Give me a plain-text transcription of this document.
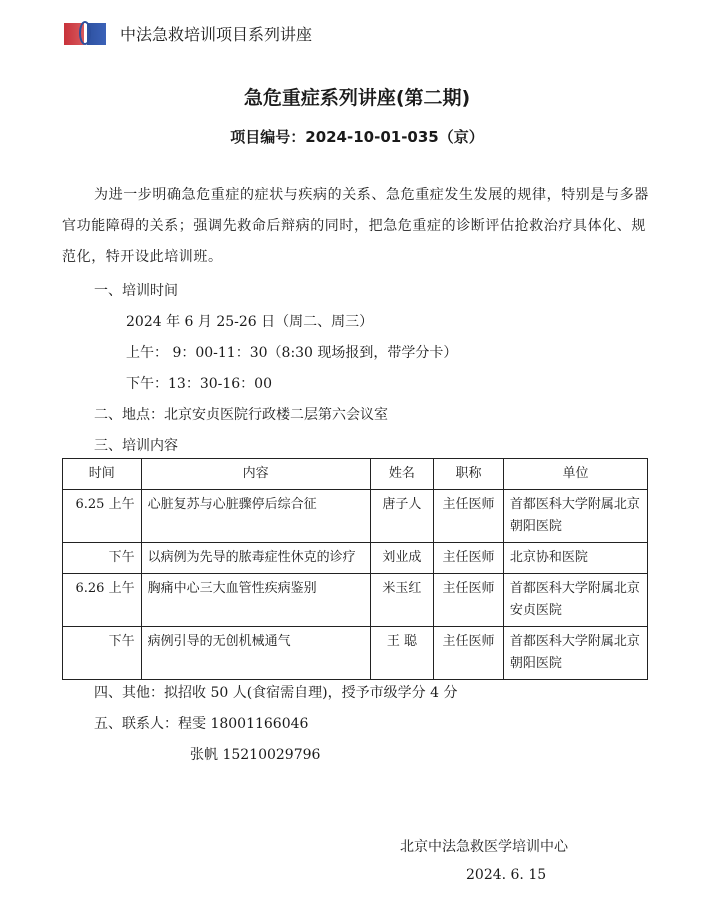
中法急救培训项目系列讲座
急危重症系列讲座(第二期)
项目编号：2024-10-01-035（京）
为进一步明确急危重症的症状与疾病的关系、急危重症发生发展的规律，特别是与多器官功能障碍的关系；强调先救命后辩病的同时，把急危重症的诊断评估抢救治疗具体化、规范化，特开设此培训班。
一、培训时间
2024 年 6 月 25-26 日（周二、周三）
上午： 9：00-11：30（8:30 现场报到，带学分卡）
下午：13：30-16：00
二、地点：北京安贞医院行政楼二层第六会议室
三、培训内容
时间	内容	姓名	职称	单位
6.25 上午	心脏复苏与心脏骤停后综合征	唐子人	主任医师	首都医科大学附属北京朝阳医院
下午	以病例为先导的脓毒症性休克的诊疗	刘业成	主任医师	北京协和医院
6.26 上午	胸痛中心三大血管性疾病鉴别	米玉红	主任医师	首都医科大学附属北京安贞医院
下午	病例引导的无创机械通气	王 聪	主任医师	首都医科大学附属北京朝阳医院
四、其他：拟招收 50 人(食宿需自理)，授予市级学分 4 分
五、联系人：程雯 18001166046
张帆 15210029796
北京中法急救医学培训中心
2024. 6. 15
